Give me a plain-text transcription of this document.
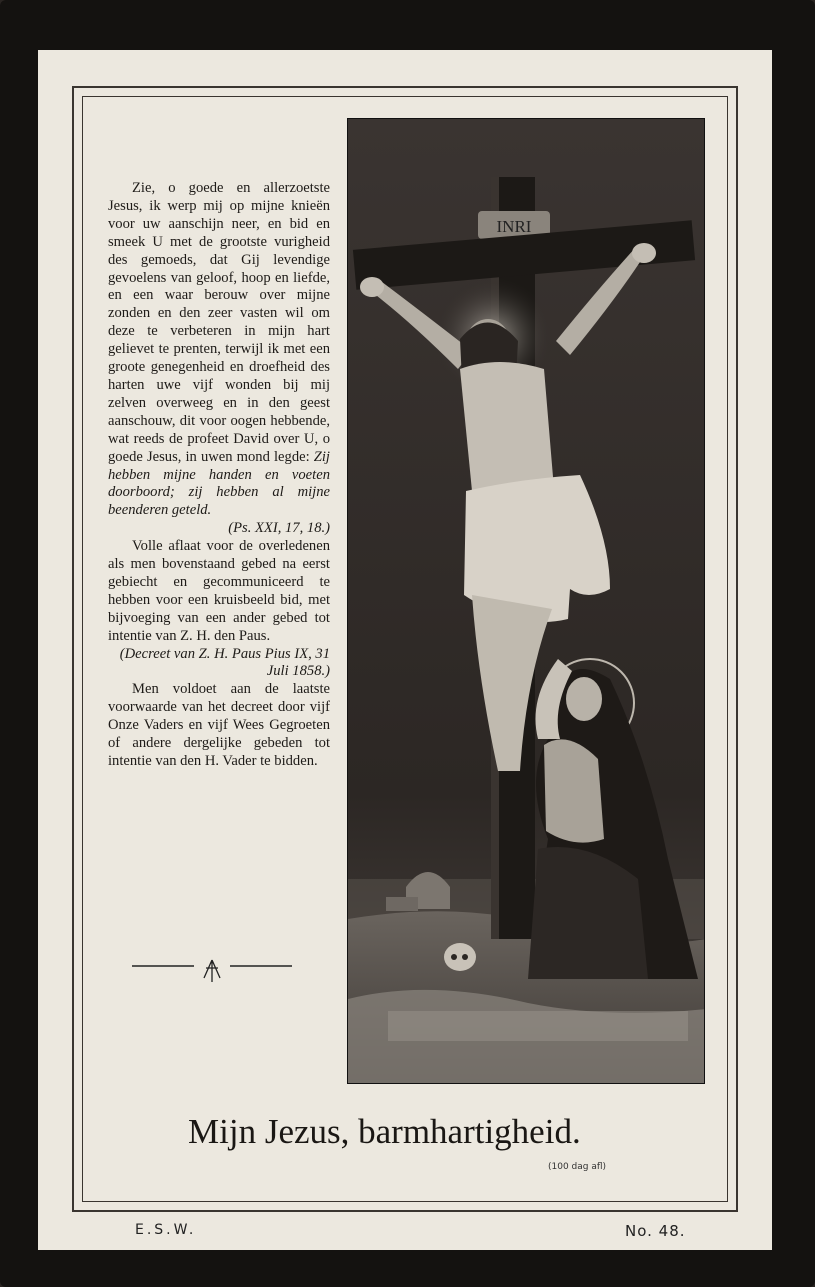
Zie, o goede en allerzoetste Jesus, ik werp mij op mijne knieën voor uw aanschijn neer, en bid en smeek U met de grootste vurigheid des gemoeds, dat Gij levendige gevoelens van geloof, hoop en liefde, en een waar berouw over mijne zonden en den zeer vasten wil om deze te verbeteren in mijn hart gelievet te prenten, terwijl ik met een groote genegenheid en droefheid des harten uwe vijf wonden bij mij zelven overweeg en in den geest aanschouw, dit voor oogen hebbende, wat reeds de profeet David over U, o goede Jesus, in uwen mond legde: Zij hebben mijne handen en voeten doorboord; zij hebben al mijne beenderen geteld.

(Ps. XXI, 17, 18.)

Volle aflaat voor de overledenen als men bovenstaand gebed na eerst gebiecht en gecommuniceerd te hebben voor een kruisbeeld bid, met bijvoeging van een ander gebed tot intentie van Z. H. den Paus.

(Decreet van Z. H. Paus Pius IX, 31 Juli 1858.)

Men voldoet aan de laatste voorwaarde van het decreet door vijf Onze Vaders en vijf Wees Gegroeten of andere dergelijke gebeden tot intentie van den H. Vader te bidden.

INRI
Mijn Jezus, barmhartigheid.
(100 dag afl)
E.S.W.	No. 48.
